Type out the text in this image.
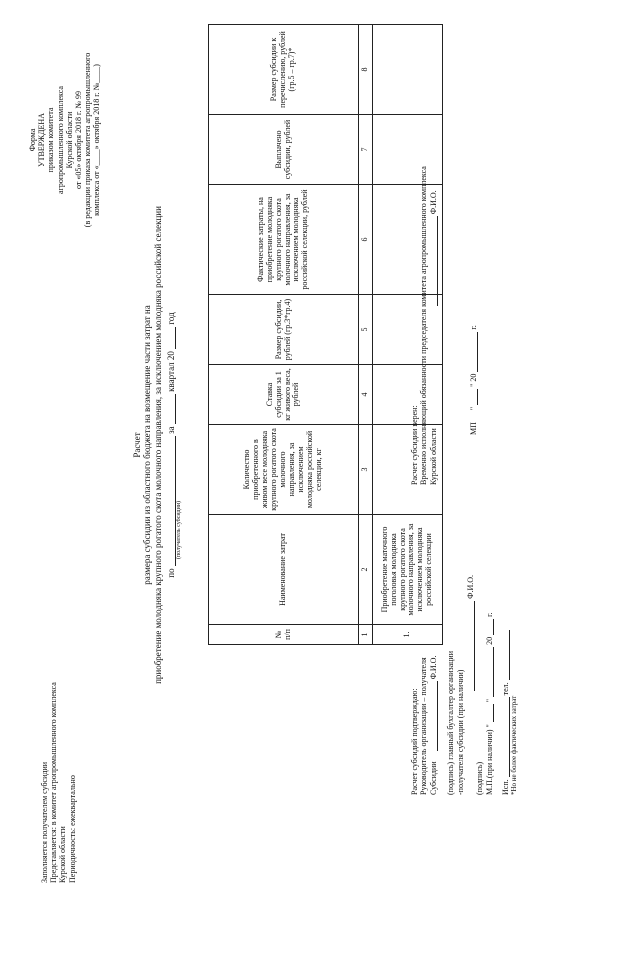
Заполняется получателем субсидии Представляется: в комитет агропромышленного комплекса Курской области Периодичность: ежеквартально
Форма УТВЕРЖДЕНА приказом комитета агропромышленного комплекса Курской области от «05» октября 2018 г. № 99 (в редакции приказа комитета агропромышленного комплекса от «____» октября 2018 г. №____)
Расчет размера субсидии из областного бюджета на возмещение части затрат на приобретение молодняка крупного рогатого скота молочного направления, за исключением молодняка российской селекции по  за  квартал 20  год
(получатель субсидии)
№ п/п	Наименование затрат	Количество приобретенного в живом весе молодняка крупного рогатого скота молочного направления, за исключением молодняка российской селекции, кг	Ставка субсидии за 1 кг живого веса, рублей	Размер субсидии, рублей (гр.3*гр.4)	Фактические затраты, на приобретение молодняка крупного рогатого скота молочного направления, за исключением молодняка российской селекции, рублей	Выплачено субсидии, рублей	Размер субсидии к перечислению, рублей (гр.5 – гр.7)*
1	2	3	4	5	6	7	8
1.	Приобретение маточного поголовья молодняка крупного рогатого скота молочного направления, за исключением молодняка российской селекции						
Расчет субсидий подтверждаю: Руководитель организации – получателя Субсидии  Ф.И.О. (подпись) главный бухгалтер организации -получателя субсидии (при наличии)
Ф.И.О.
(подпись) М.П.(при наличии) "  "  20  г.
Исп.  тел.
*Но не более фактических затрат
Расчет субсидии верен: Временно исполняющий обязанности председателя комитета агропромышленного комплекса Курской области  Ф.И.О.
МП "  " 20  г.
